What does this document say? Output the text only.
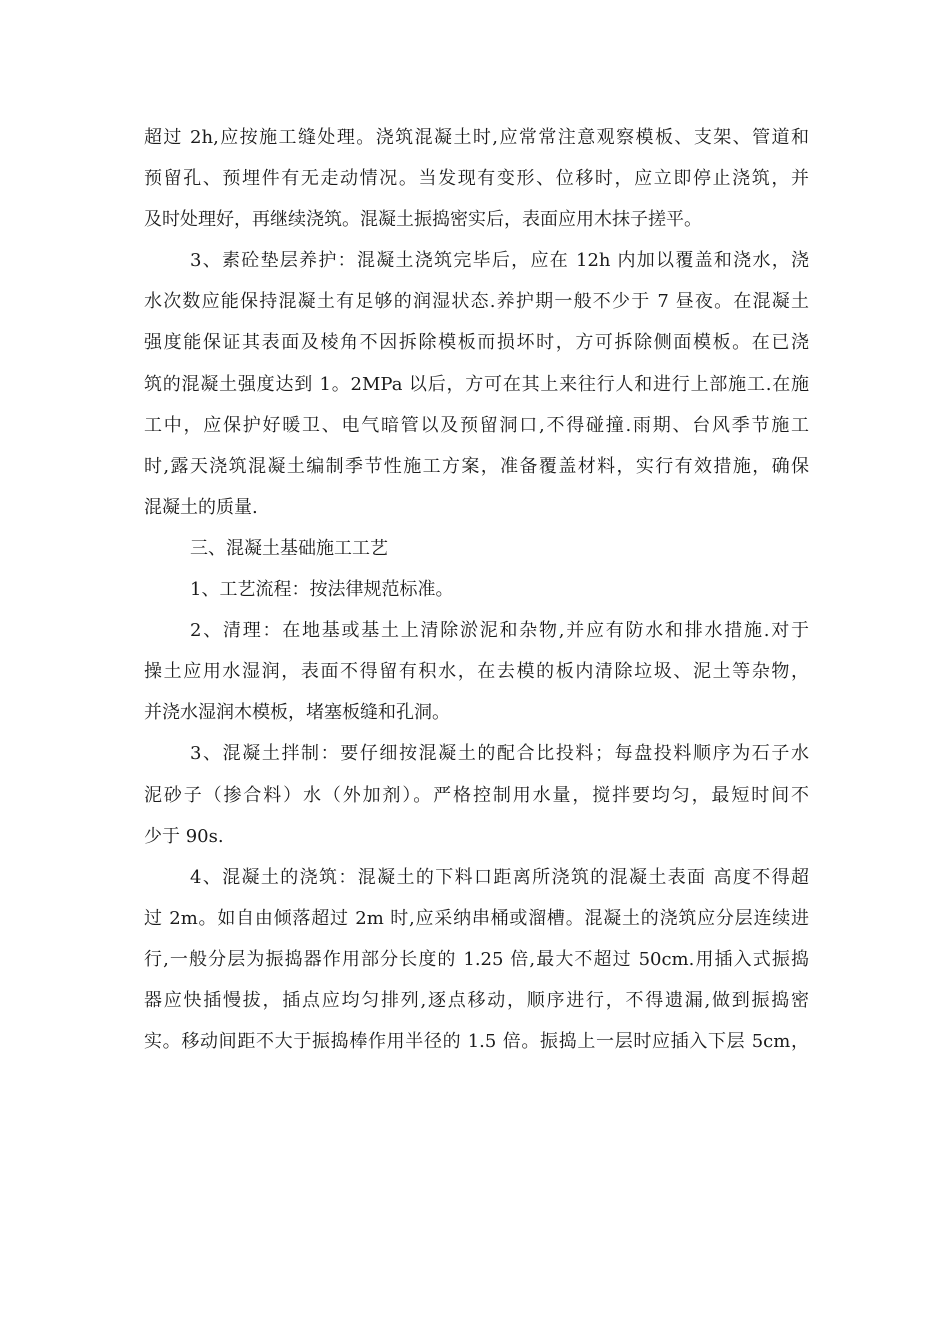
超过 2h,应按施工缝处理。浇筑混凝土时,应常常注意观察模板、支架、管道和
预留孔、预埋件有无走动情况。当发现有变形、位移时，应立即停止浇筑，并
及时处理好，再继续浇筑。混凝土振捣密实后，表面应用木抹子搓平。

3、素砼垫层养护：混凝土浇筑完毕后，应在 12h 内加以覆盖和浇水，浇
水次数应能保持混凝土有足够的润湿状态.养护期一般不少于 7 昼夜。在混凝土
强度能保证其表面及棱角不因拆除模板而损坏时，方可拆除侧面模板。在已浇
筑的混凝土强度达到 1。2MPa 以后，方可在其上来往行人和进行上部施工.在施
工中，应保护好暖卫、电气暗管以及预留洞口,不得碰撞.雨期、台风季节施工
时,露天浇筑混凝土编制季节性施工方案，准备覆盖材料，实行有效措施，确保
混凝土的质量.

三、混凝土基础施工工艺

1、工艺流程：按法律规范标准。

2、清理：在地基或基土上清除淤泥和杂物,并应有防水和排水措施.对于
操土应用水湿润，表面不得留有积水，在去模的板内清除垃圾、泥土等杂物，
并浇水湿润木模板，堵塞板缝和孔洞。

3、混凝土拌制：要仔细按混凝土的配合比投料；每盘投料顺序为石子水
泥砂子（掺合料）水（外加剂）。严格控制用水量，搅拌要均匀，最短时间不
少于 90s.

4、混凝土的浇筑：混凝土的下料口距离所浇筑的混凝土表面 高度不得超
过 2m。如自由倾落超过 2m 时,应采纳串桶或溜槽。混凝土的浇筑应分层连续进
行,一般分层为振捣器作用部分长度的 1.25 倍,最大不超过 50cm.用插入式振捣
器应快插慢拔，插点应均匀排列,逐点移动，顺序进行，不得遗漏,做到振捣密
实。移动间距不大于振捣棒作用半径的 1.5 倍。振捣上一层时应插入下层 5cm，
